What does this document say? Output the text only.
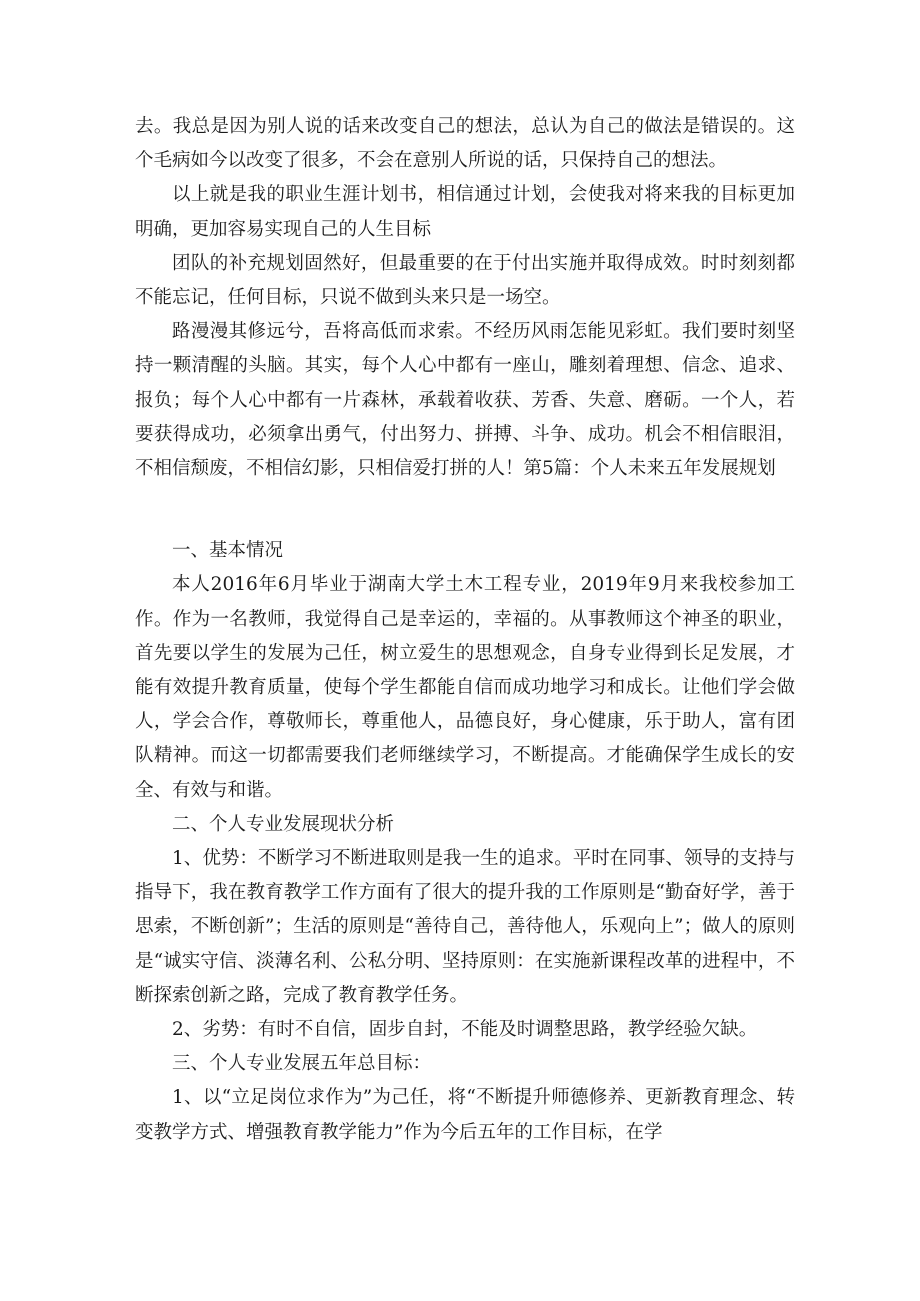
去。我总是因为别人说的话来改变自己的想法，总认为自己的做法是错误的。这个毛病如今以改变了很多，不会在意别人所说的话，只保持自己的想法。

以上就是我的职业生涯计划书，相信通过计划，会使我对将来我的目标更加明确，更加容易实现自己的人生目标

团队的补充规划固然好，但最重要的在于付出实施并取得成效。时时刻刻都不能忘记，任何目标，只说不做到头来只是一场空。

路漫漫其修远兮，吾将高低而求索。不经历风雨怎能见彩虹。我们要时刻坚持一颗清醒的头脑。其实，每个人心中都有一座山，雕刻着理想、信念、追求、报负；每个人心中都有一片森林，承载着收获、芳香、失意、磨砺。一个人，若要获得成功，必须拿出勇气，付出努力、拼搏、斗争、成功。机会不相信眼泪，不相信颓废，不相信幻影，只相信爱打拼的人！第5篇：个人未来五年发展规划

一、基本情况

本人2016年6月毕业于湖南大学土木工程专业，2019年9月来我校参加工作。作为一名教师，我觉得自己是幸运的，幸福的。从事教师这个神圣的职业，首先要以学生的发展为己任，树立爱生的思想观念，自身专业得到长足发展，才能有效提升教育质量，使每个学生都能自信而成功地学习和成长。让他们学会做人，学会合作，尊敬师长，尊重他人，品德良好，身心健康，乐于助人，富有团队精神。而这一切都需要我们老师继续学习，不断提高。才能确保学生成长的安全、有效与和谐。

二、个人专业发展现状分析

1、优势：不断学习不断进取则是我一生的追求。平时在同事、领导的支持与指导下，我在教育教学工作方面有了很大的提升我的工作原则是“勤奋好学，善于思索，不断创新”；生活的原则是“善待自己，善待他人，乐观向上”；做人的原则是“诚实守信、淡薄名利、公私分明、坚持原则：在实施新课程改革的进程中，不断探索创新之路，完成了教育教学任务。

2、劣势：有时不自信，固步自封，不能及时调整思路，教学经验欠缺。

三、个人专业发展五年总目标：

1、以“立足岗位求作为”为己任，将“不断提升师德修养、更新教育理念、转变教学方式、增强教育教学能力”作为今后五年的工作目标，在学
